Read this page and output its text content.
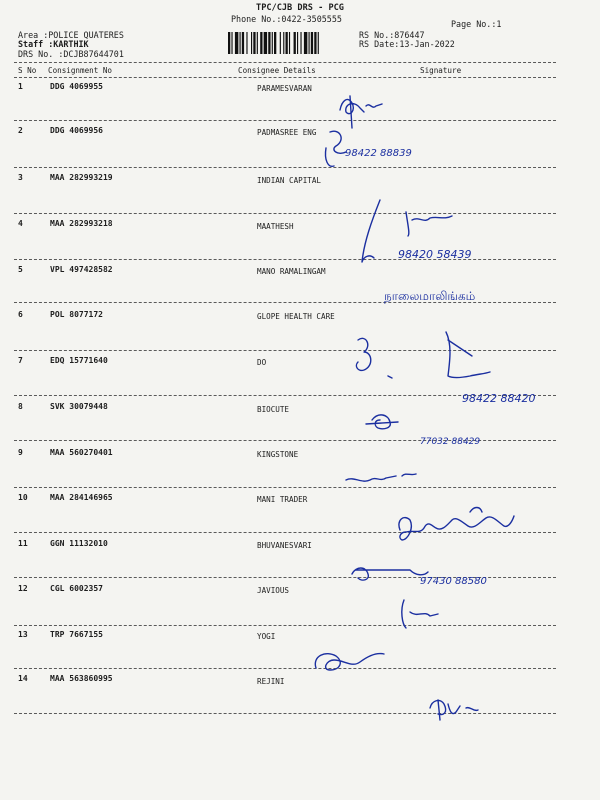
TPC/CJB DRS - PCG
Phone No.:0422-3505555	Page No.:1
Area :POLICE QUATERES
Staff :KARTHIK
DRS No. :DCJB87644701
RS No.:876447
RS Date:13-Jan-2022
S No Consignment No	Consignee Details	Signature
1	DDG 4069955	PARAMESVARAN
2	DDG 4069956	PADMASREE ENG
3	MAA 282993219	INDIAN CAPITAL
4	MAA 282993218	MAATHESH
5	VPL 497428582	MANO RAMALINGAM
6	POL 8077172	GLOPE HEALTH CARE
7	EDQ 15771640	DO
8	SVK 30079448	BIOCUTE
9	MAA 560270401	KINGSTONE
10	MAA 284146965	MANI TRADER
11	GGN 11132010	BHUVANESVARI
12	CGL 6002357	JAVIOUS
13	TRP 7667155	YOGI
14	MAA 563860995	REJINI
98422 88839
98420 58439
நாலைமாலிங்கம்
98422 88420
77032 88429
97430 88580
